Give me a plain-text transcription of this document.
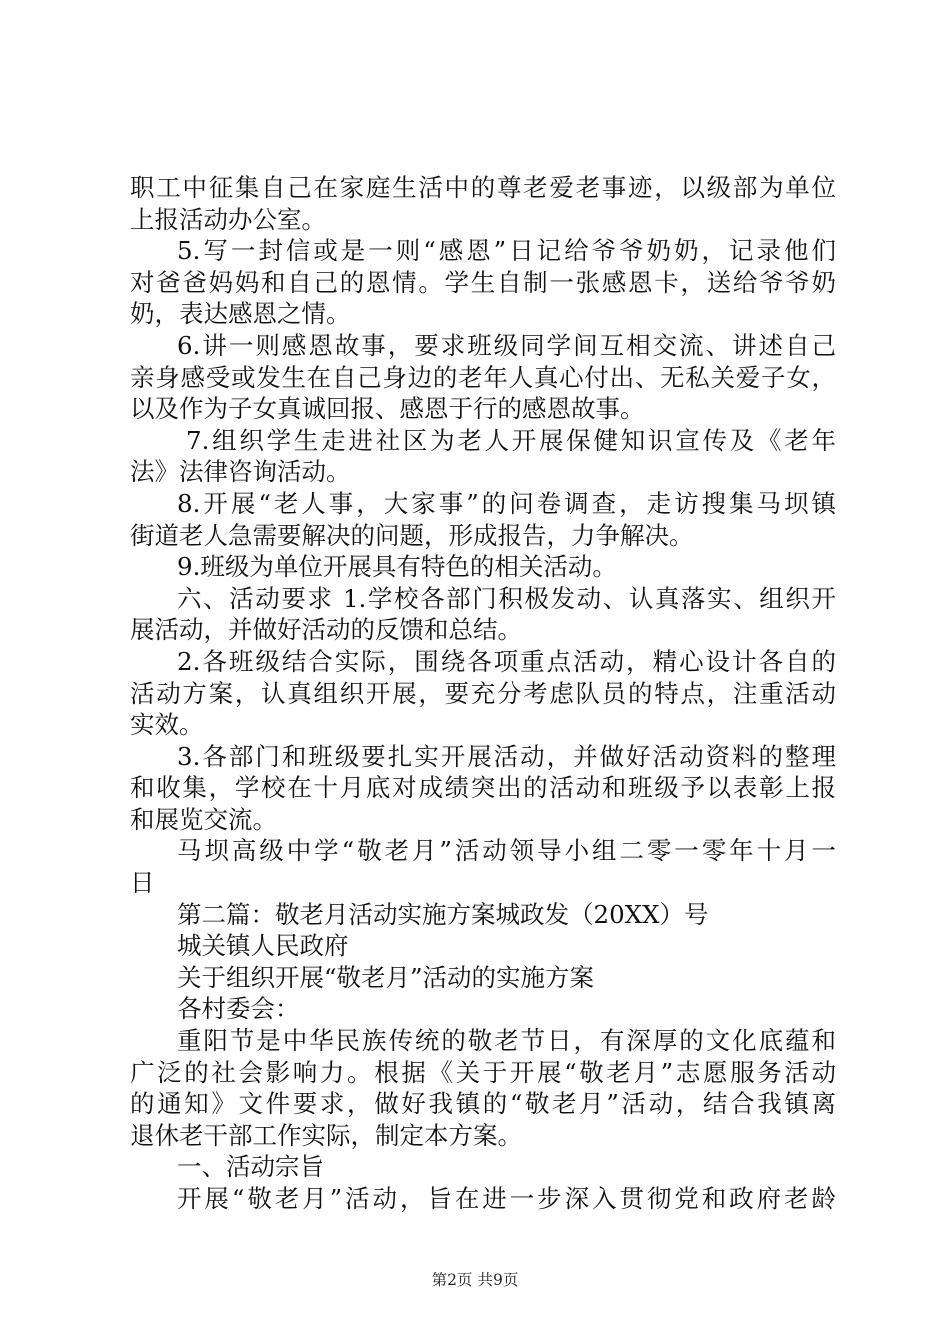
职工中征集自己在家庭生活中的尊老爱老事迹，以级部为单位
上报活动办公室。
5.写一封信或是一则“感恩”日记给爷爷奶奶，记录他们
对爸爸妈妈和自己的恩情。学生自制一张感恩卡，送给爷爷奶
奶，表达感恩之情。
6.讲一则感恩故事，要求班级同学间互相交流、讲述自己
亲身感受或发生在自己身边的老年人真心付出、无私关爱子女，
以及作为子女真诚回报、感恩于行的感恩故事。
7.组织学生走进社区为老人开展保健知识宣传及《老年
法》法律咨询活动。
8.开展“老人事，大家事”的问卷调查，走访搜集马坝镇
街道老人急需要解决的问题，形成报告，力争解决。
9.班级为单位开展具有特色的相关活动。
六、活动要求 1.学校各部门积极发动、认真落实、组织开
展活动，并做好活动的反馈和总结。
2.各班级结合实际，围绕各项重点活动，精心设计各自的
活动方案，认真组织开展，要充分考虑队员的特点，注重活动
实效。
3.各部门和班级要扎实开展活动，并做好活动资料的整理
和收集，学校在十月底对成绩突出的活动和班级予以表彰上报
和展览交流。
马坝高级中学“敬老月”活动领导小组二零一零年十月一
日
第二篇：敬老月活动实施方案城政发（20XX）号
城关镇人民政府
关于组织开展“敬老月”活动的实施方案
各村委会：
重阳节是中华民族传统的敬老节日，有深厚的文化底蕴和
广泛的社会影响力。根据《关于开展“敬老月”志愿服务活动
的通知》文件要求，做好我镇的“敬老月”活动，结合我镇离
退休老干部工作实际，制定本方案。
一、活动宗旨
开展“敬老月”活动，旨在进一步深入贯彻党和政府老龄
第2页 共9页
